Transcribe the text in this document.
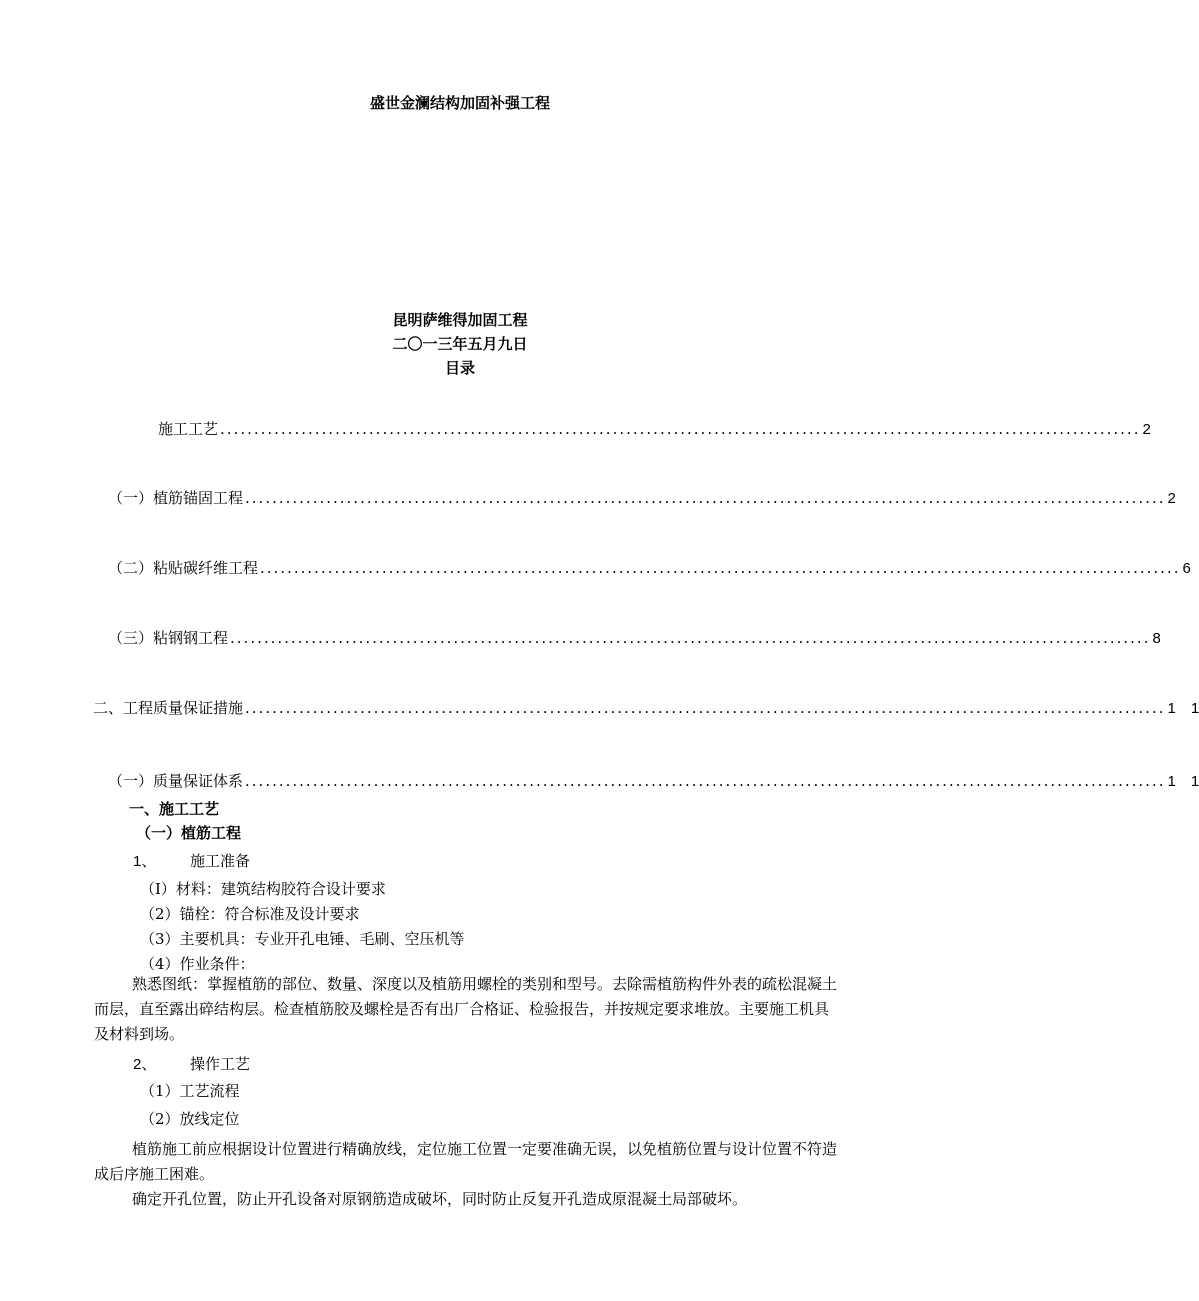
盛世金澜结构加固补强工程
昆明萨维得加固工程
二〇一三年五月九日
目录
施工工艺 ........................................................................................................................................ 2
（一）植筋锚固工程 ........................................................................................................................................ 2
（二）粘贴碳纤维工程 ........................................................................................................................................ 6
（三）粘钢钢工程 ........................................................................................................................................ 8
二、工程质量保证措施 ........................................................................................................................................ 1　1
（一）质量保证体系 ........................................................................................................................................ 1　1
一、施工工艺
（一）植筋工程
1、 施工准备
（I）材料：建筑结构胶符合设计要求
（2）锚栓：符合标准及设计要求
（3）主要机具：专业开孔电锤、毛刷、空压机等
（4）作业条件：
熟悉图纸：掌握植筋的部位、数量、深度以及植筋用螺栓的类别和型号。去除需植筋构件外表的疏松混凝土而层，直至露出碎结构层。检查植筋胶及螺栓是否有出厂合格证、检验报告，并按规定要求堆放。主要施工机具及材料到场。
2、 操作工艺
（1）工艺流程
（2）放线定位
植筋施工前应根据设计位置进行精确放线，定位施工位置一定要准确无误，以免植筋位置与设计位置不符造成后序施工困难。
确定开孔位置，防止开孔设备对原钢筋造成破坏，同时防止反复开孔造成原混凝土局部破坏。
